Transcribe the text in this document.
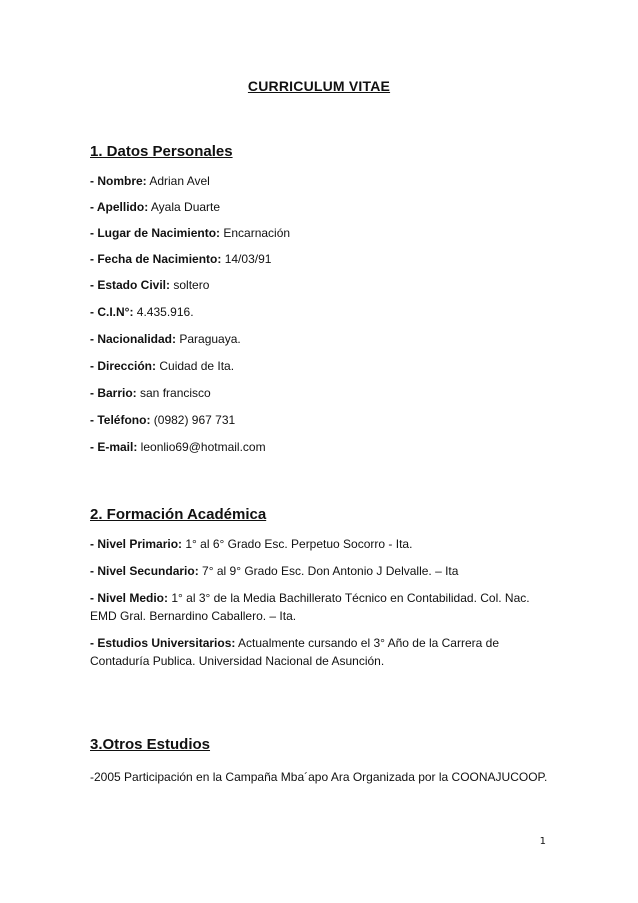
CURRICULUM VITAE
1. Datos Personales
- Nombre: Adrian Avel
- Apellido: Ayala Duarte
- Lugar de Nacimiento: Encarnación
- Fecha de Nacimiento: 14/03/91
- Estado Civil: soltero
- C.I.N°: 4.435.916.
- Nacionalidad: Paraguaya.
- Dirección: Cuidad de Ita.
- Barrio: san francisco
- Teléfono: (0982) 967 731
- E-mail: leonlio69@hotmail.com
2. Formación Académica
- Nivel Primario: 1° al 6° Grado Esc. Perpetuo Socorro - Ita.
- Nivel Secundario: 7° al 9° Grado Esc. Don Antonio J Delvalle. – Ita
- Nivel Medio: 1° al 3° de la Media Bachillerato Técnico en Contabilidad. Col. Nac. EMD Gral. Bernardino Caballero. – Ita.
- Estudios Universitarios: Actualmente cursando el 3° Año de la Carrera de Contaduría Publica. Universidad Nacional de Asunción.
3.Otros Estudios
-2005 Participación en la Campaña Mba´apo Ara Organizada por la COONAJUCOOP.
1
